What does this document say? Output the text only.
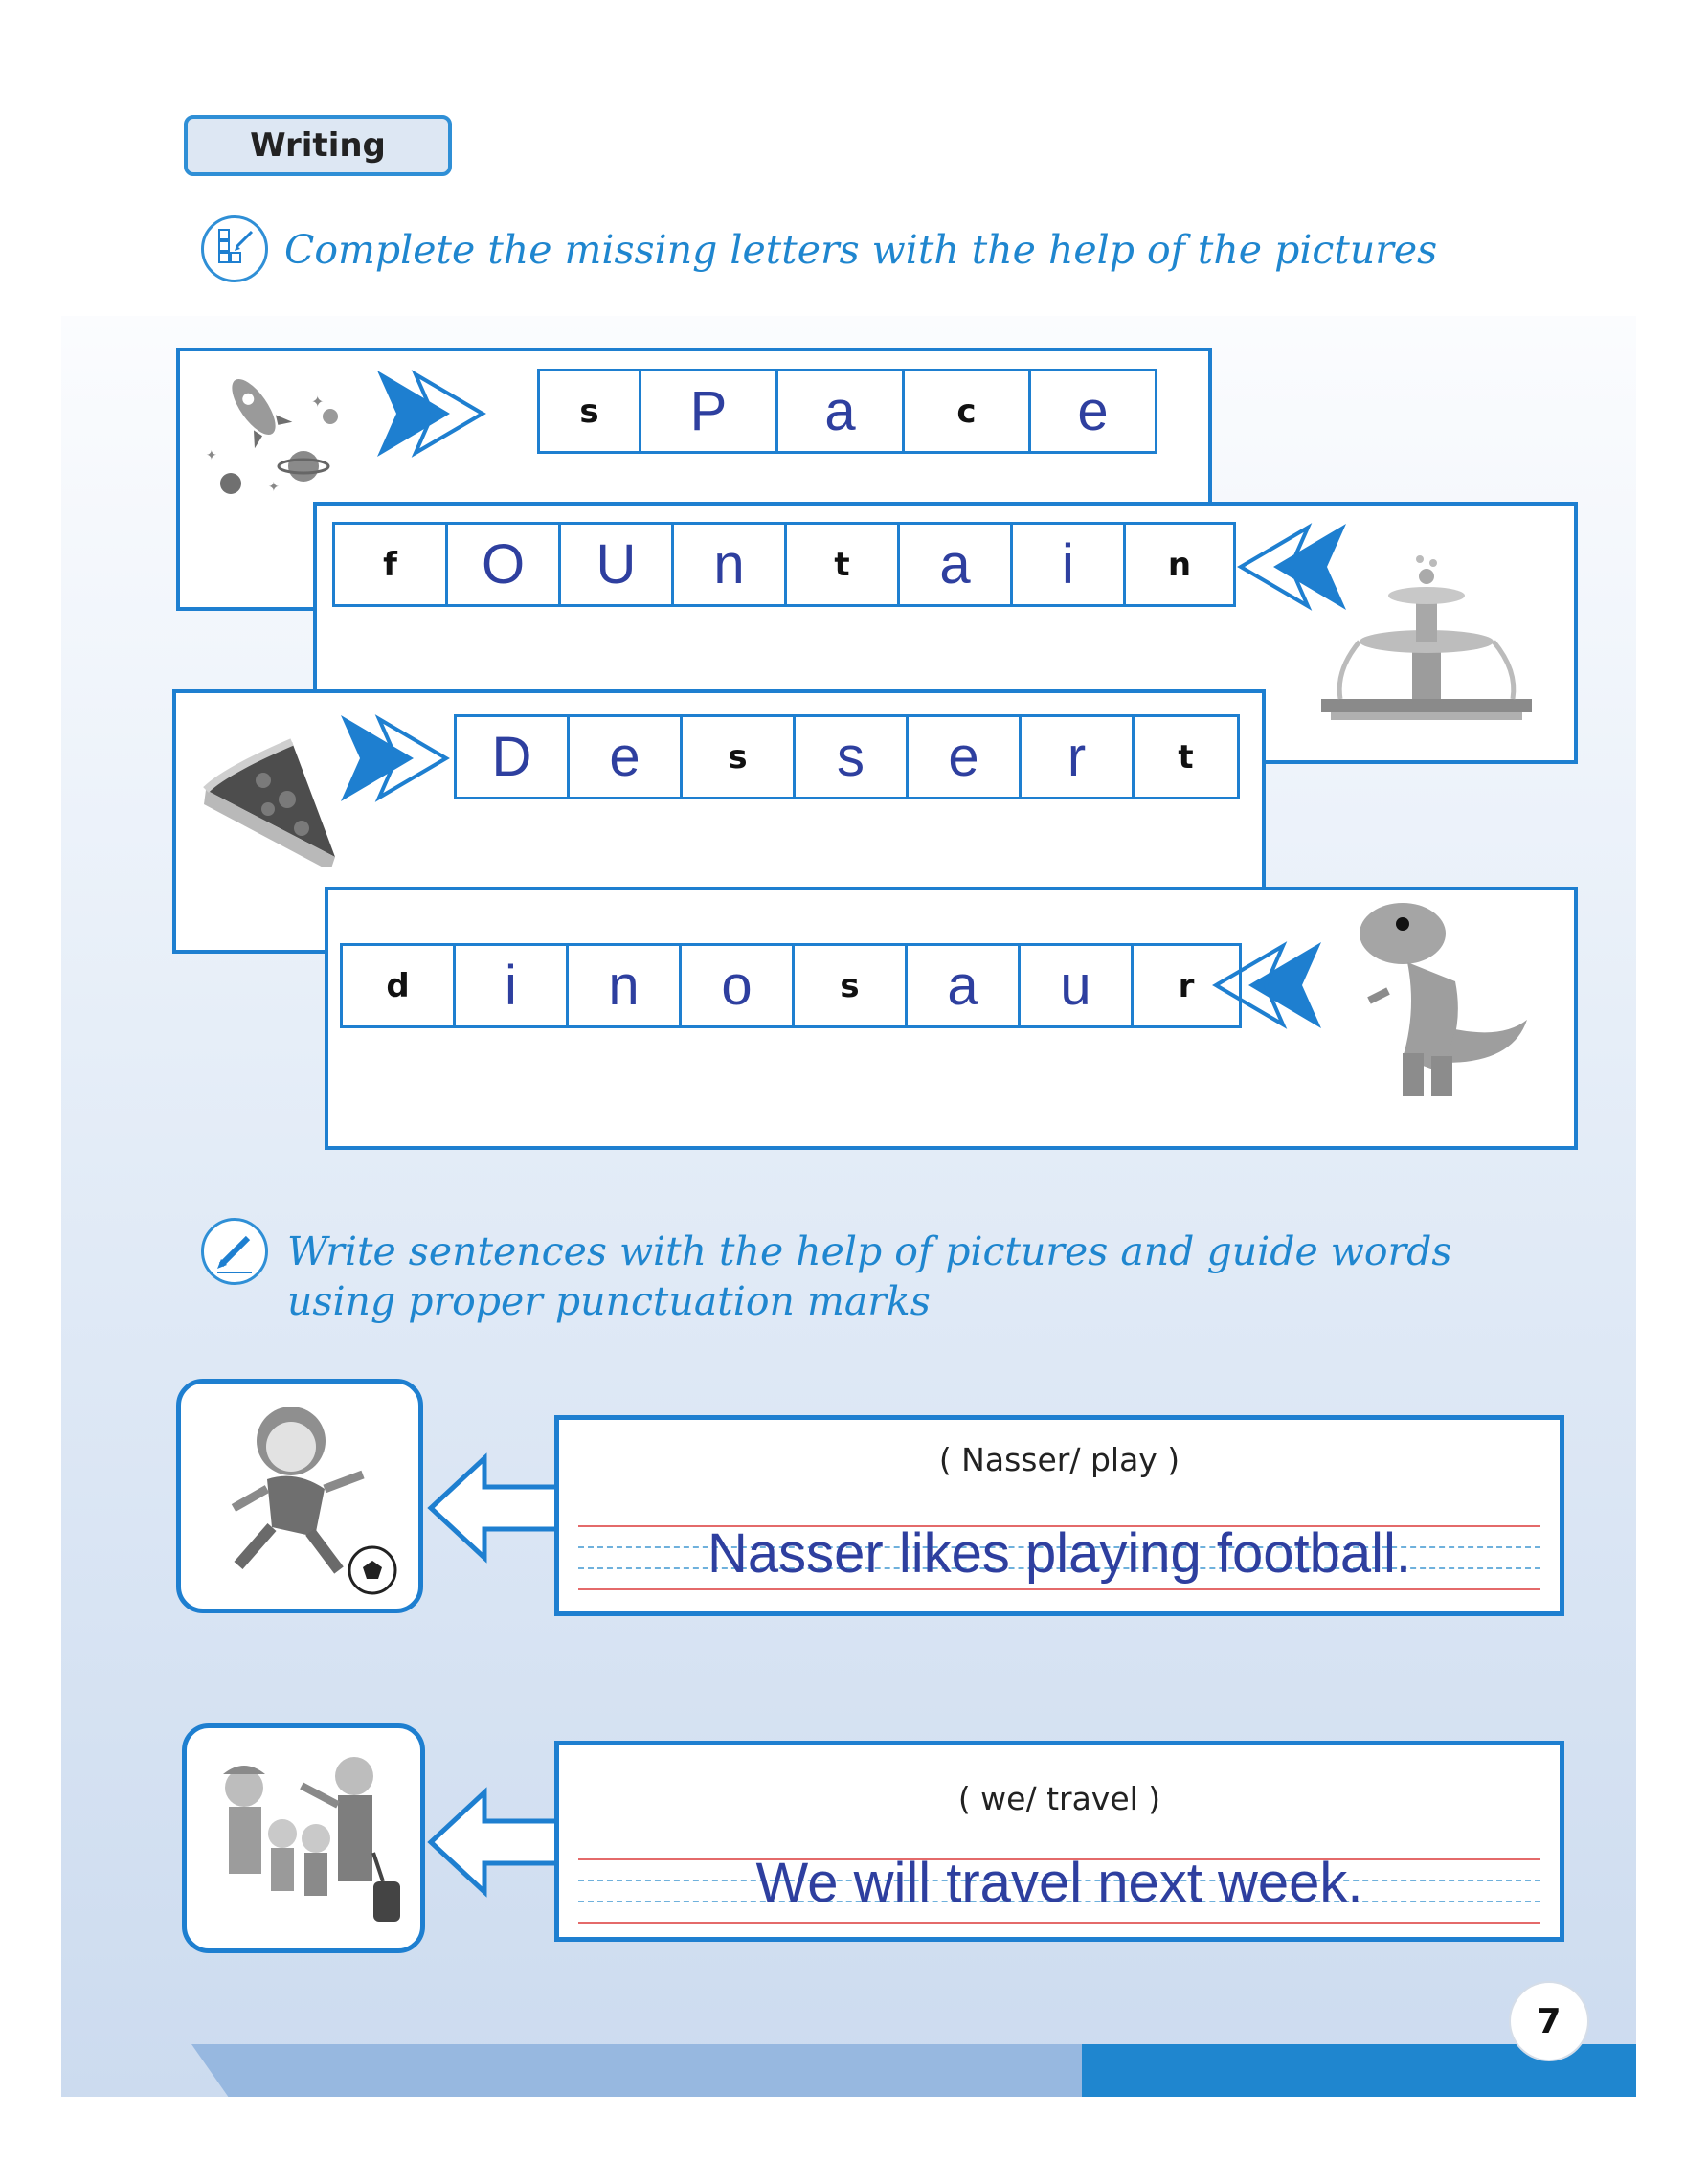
Writing
Complete the missing letters with the help of the pictures
s P a	c e
f O U n	t a i	n
D e	s s e r	t
d i n o	s a u	r
✦
✦
✦
Write sentences with the help of pictures and guide words
using proper punctuation marks
( Nasser/ play )
Nasser likes playing football.
( we/ travel )
We will travel next week.
7
